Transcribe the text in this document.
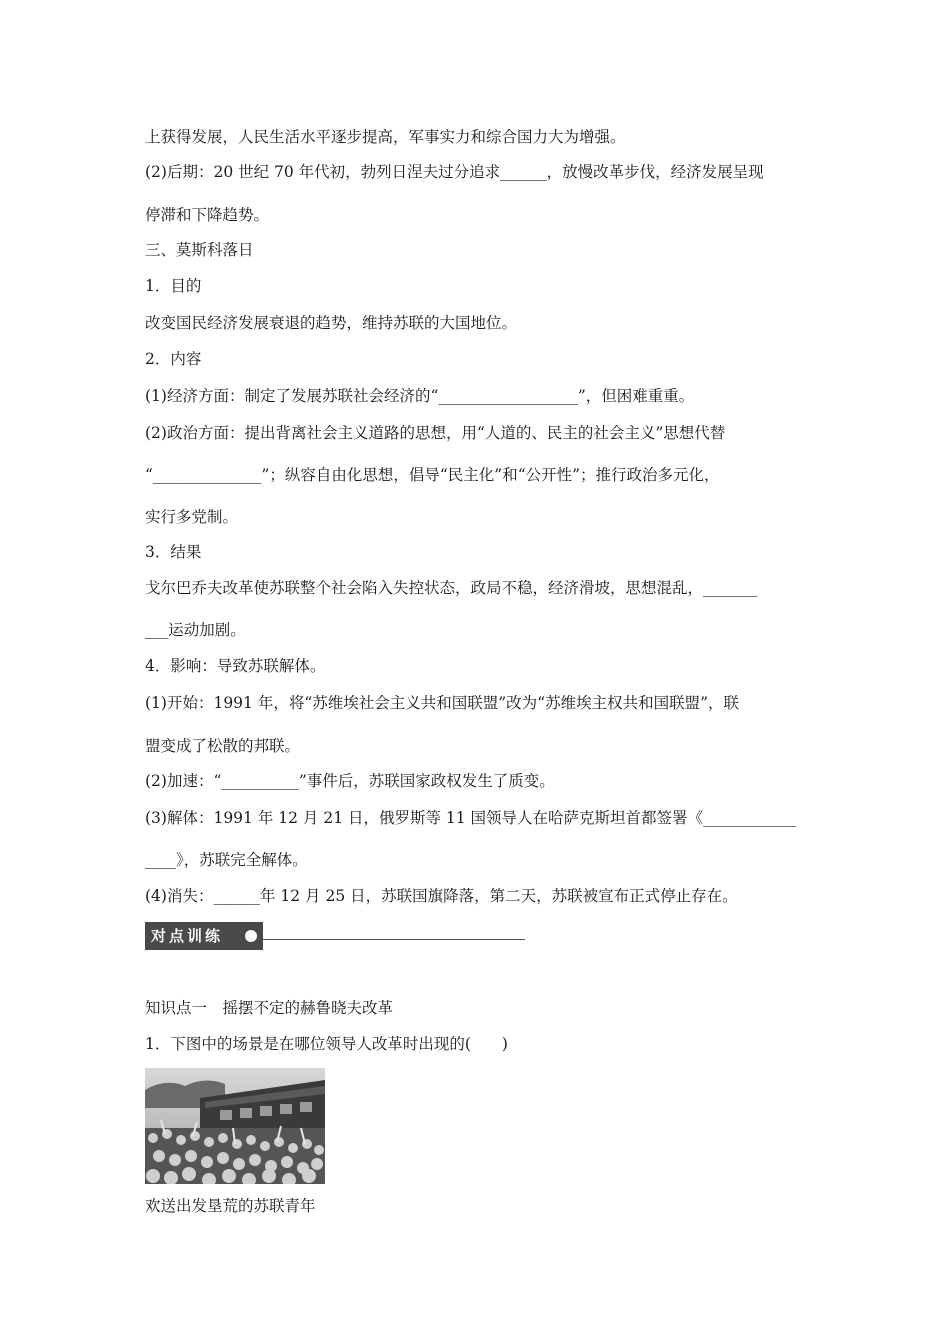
上获得发展，人民生活水平逐步提高，军事实力和综合国力大为增强。
(2)后期：20 世纪 70 年代初，勃列日涅夫过分追求______，放慢改革步伐，经济发展呈现
停滞和下降趋势。
三、莫斯科落日
1．目的
改变国民经济发展衰退的趋势，维持苏联的大国地位。
2．内容
(1)经济方面：制定了发展苏联社会经济的“__________________”，但困难重重。
(2)政治方面：提出背离社会主义道路的思想，用“人道的、民主的社会主义”思想代替
“______________”；纵容自由化思想，倡导“民主化”和“公开性”；推行政治多元化，
实行多党制。
3．结果
戈尔巴乔夫改革使苏联整个社会陷入失控状态，政局不稳，经济滑坡，思想混乱，_______
___运动加剧。
4．影响：导致苏联解体。
(1)开始：1991 年，将“苏维埃社会主义共和国联盟”改为“苏维埃主权共和国联盟”，联
盟变成了松散的邦联。
(2)加速：“__________”事件后，苏联国家政权发生了质变。
(3)解体：1991 年 12 月 21 日，俄罗斯等 11 国领导人在哈萨克斯坦首都签署《____________
____》，苏联完全解体。
(4)消失：______年 12 月 25 日，苏联国旗降落，第二天，苏联被宣布正式停止存在。
对点训练
知识点一　摇摆不定的赫鲁晓夫改革
1．下图中的场景是在哪位领导人改革时出现的(　　)
欢送出发垦荒的苏联青年
